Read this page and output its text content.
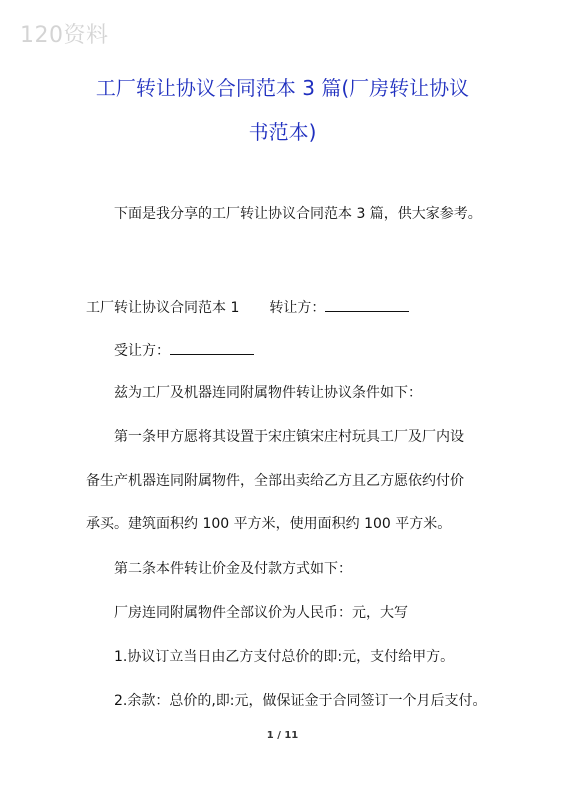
120资料
工厂转让协议合同范本 3 篇(厂房转让协议
书范本)
下面是我分享的工厂转让协议合同范本 3 篇，供大家参考。
工厂转让协议合同范本 1 转让方：
受让方：
兹为工厂及机器连同附属物件转让协议条件如下：
第一条甲方愿将其设置于宋庄镇宋庄村玩具工厂及厂内设
备生产机器连同附属物件，全部出卖给乙方且乙方愿依约付价
承买。建筑面积约 100 平方米，使用面积约 100 平方米。
第二条本件转让价金及付款方式如下：
厂房连同附属物件全部议价为人民币：元，大写
1.协议订立当日由乙方支付总价的即:元，支付给甲方。
2.余款：总价的,即:元，做保证金于合同签订一个月后支付。
1 / 11
